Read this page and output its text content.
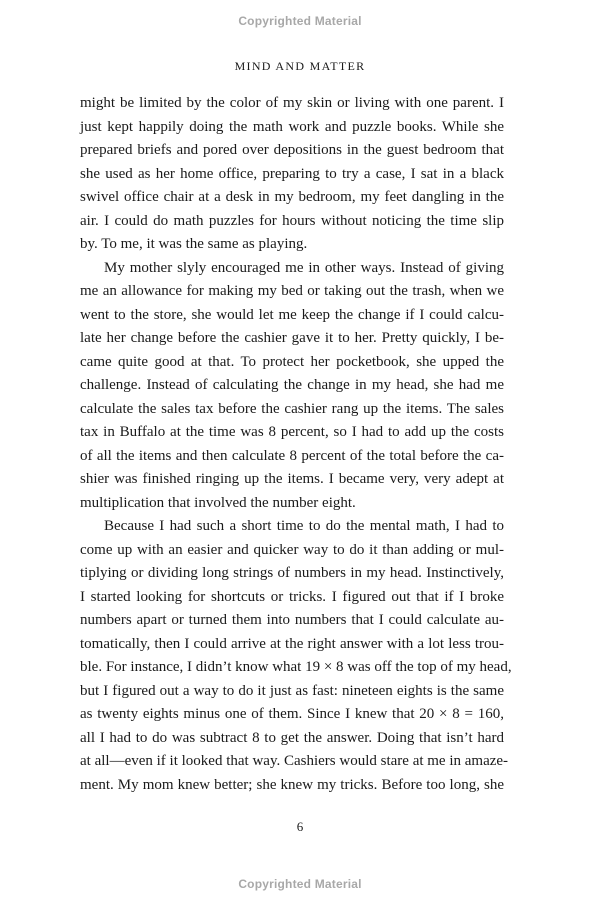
Copyrighted Material
MIND AND MATTER
might be limited by the color of my skin or living with one parent. I
just kept happily doing the math work and puzzle books. While she
prepared briefs and pored over depositions in the guest bedroom that
she used as her home office, preparing to try a case, I sat in a black
swivel office chair at a desk in my bedroom, my feet dangling in the
air. I could do math puzzles for hours without noticing the time slip
by. To me, it was the same as playing.
My mother slyly encouraged me in other ways. Instead of giving
me an allowance for making my bed or taking out the trash, when we
went to the store, she would let me keep the change if I could calcu-
late her change before the cashier gave it to her. Pretty quickly, I be-
came quite good at that. To protect her pocketbook, she upped the
challenge. Instead of calculating the change in my head, she had me
calculate the sales tax before the cashier rang up the items. The sales
tax in Buffalo at the time was 8 percent, so I had to add up the costs
of all the items and then calculate 8 percent of the total before the ca-
shier was finished ringing up the items. I became very, very adept at
multiplication that involved the number eight.
Because I had such a short time to do the mental math, I had to
come up with an easier and quicker way to do it than adding or mul-
tiplying or dividing long strings of numbers in my head. Instinctively,
I started looking for shortcuts or tricks. I figured out that if I broke
numbers apart or turned them into numbers that I could calculate au-
tomatically, then I could arrive at the right answer with a lot less trou-
ble. For instance, I didn’t know what 19 × 8 was off the top of my head,
but I figured out a way to do it just as fast: nineteen eights is the same
as twenty eights minus one of them. Since I knew that 20 × 8 = 160,
all I had to do was subtract 8 to get the answer. Doing that isn’t hard
at all—even if it looked that way. Cashiers would stare at me in amaze-
ment. My mom knew better; she knew my tricks. Before too long, she
6
Copyrighted Material
